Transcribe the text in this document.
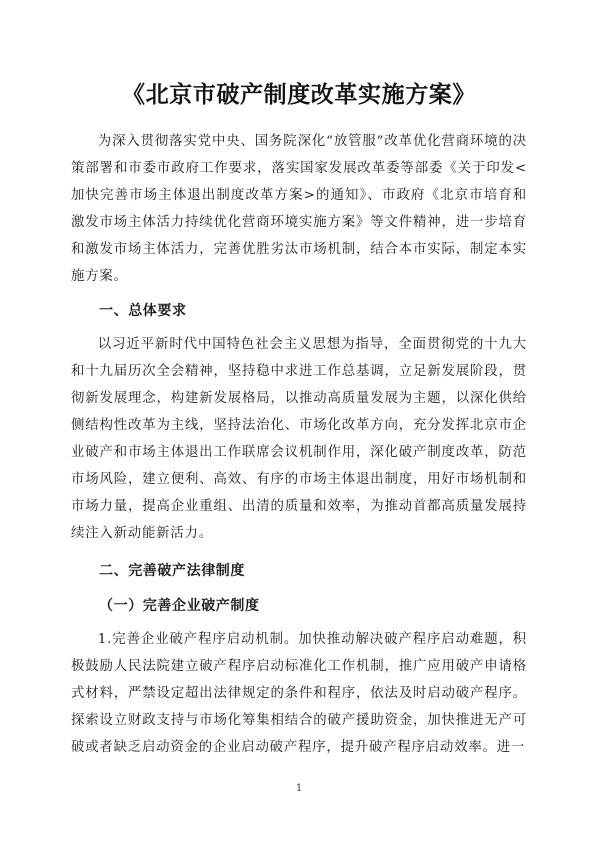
《北京市破产制度改革实施方案》

为深入贯彻落实党中央、国务院深化“放管服”改革优化营商环境的决策部署和市委市政府工作要求，落实国家发展改革委等部委《关于印发<加快完善市场主体退出制度改革方案>的通知》、市政府《北京市培育和激发市场主体活力持续优化营商环境实施方案》等文件精神，进一步培育和激发市场主体活力，完善优胜劣汰市场机制，结合本市实际，制定本实施方案。

一、总体要求

以习近平新时代中国特色社会主义思想为指导，全面贯彻党的十九大和十九届历次全会精神，坚持稳中求进工作总基调，立足新发展阶段，贯彻新发展理念，构建新发展格局，以推动高质量发展为主题，以深化供给侧结构性改革为主线，坚持法治化、市场化改革方向，充分发挥北京市企业破产和市场主体退出工作联席会议机制作用，深化破产制度改革，防范市场风险，建立便利、高效、有序的市场主体退出制度，用好市场机制和市场力量，提高企业重组、出清的质量和效率，为推动首都高质量发展持续注入新动能新活力。

二、完善破产法律制度

（一）完善企业破产制度

1.完善企业破产程序启动机制。加快推动解决破产程序启动难题，积极鼓励人民法院建立破产程序启动标准化工作机制，推广应用破产申请格式材料，严禁设定超出法律规定的条件和程序，依法及时启动破产程序。探索设立财政支持与市场化筹集相结合的破产援助资金，加快推进无产可破或者缺乏启动资金的企业启动破产程序，提升破产程序启动效率。进一

1
